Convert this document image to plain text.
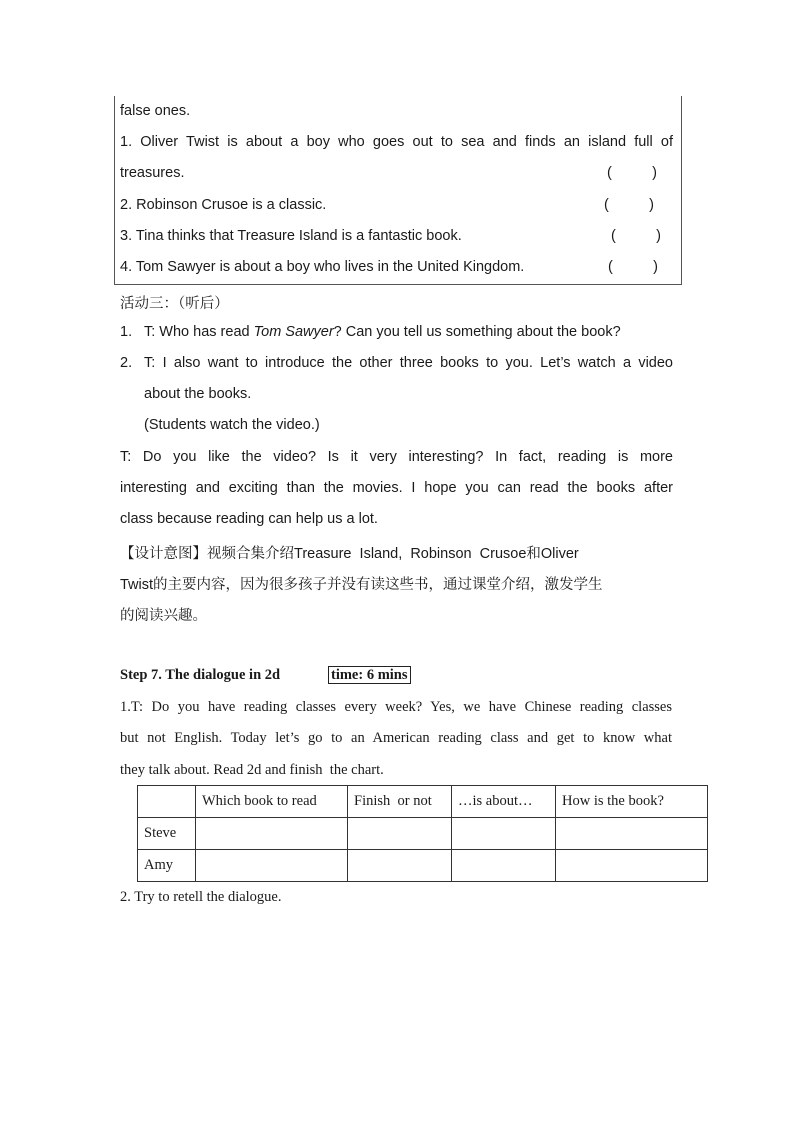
false ones.
1. Oliver Twist is about a boy who goes out to sea and finds an island full of
treasures.	(          )
2. Robinson Crusoe is a classic.	(          )
3. Tina thinks that Treasure Island is a fantastic book.	(          )
4. Tom Sawyer is about a boy who lives in the United Kingdom.	(          )
活动三：（听后）
1. T: Who has read Tom Sawyer? Can you tell us something about the book?
2. T: I also want to introduce the other three books to you. Let’s watch a video
about the books.
(Students watch the video.)
T: Do you like the video? Is it very interesting? In fact, reading is more
interesting and exciting than the movies. I hope you can read the books after
class because reading can help us a lot.
【设计意图】视频合集介绍Treasure  Island,  Robinson  Crusoe和Oliver
Twist的主要内容，因为很多孩子并没有读这些书，通过课堂介绍，激发学生
的阅读兴趣。
Step 7. The dialogue in 2d	time: 6 mins
1.T: Do you have reading classes every week? Yes, we have Chinese reading classes
but not English. Today let’s go to an American reading class and get to know what
they talk about. Read 2d and finish  the chart.
	Which book to read	Finish  or not	…is about…	How is the book?
Steve				
Amy				
2. Try to retell the dialogue.
